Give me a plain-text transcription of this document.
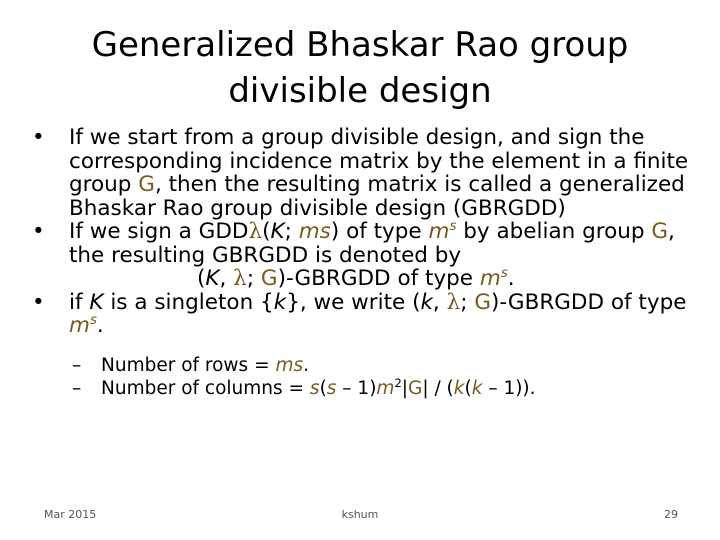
Generalized Bhaskar Rao group
divisible design
• If we start from a group divisible design, and sign the corresponding incidence matrix by the element in a finite group G, then the resulting matrix is called a generalized Bhaskar Rao group divisible design (GBRGDD)
• If we sign a GDDλ(K; ms) of type $m^s$ by abelian group G, the resulting GBRGDD is denoted by
(K, λ; G)-GBRGDD of type $m^s$.
• if K is a singleton {k}, we write (k, λ; G)-GBRGDD of type $m^s$.
– Number of rows = ms.
– Number of columns = $s(s - 1)m^2|G| / (k(k - 1))$.
Mar 2015	kshum	29
